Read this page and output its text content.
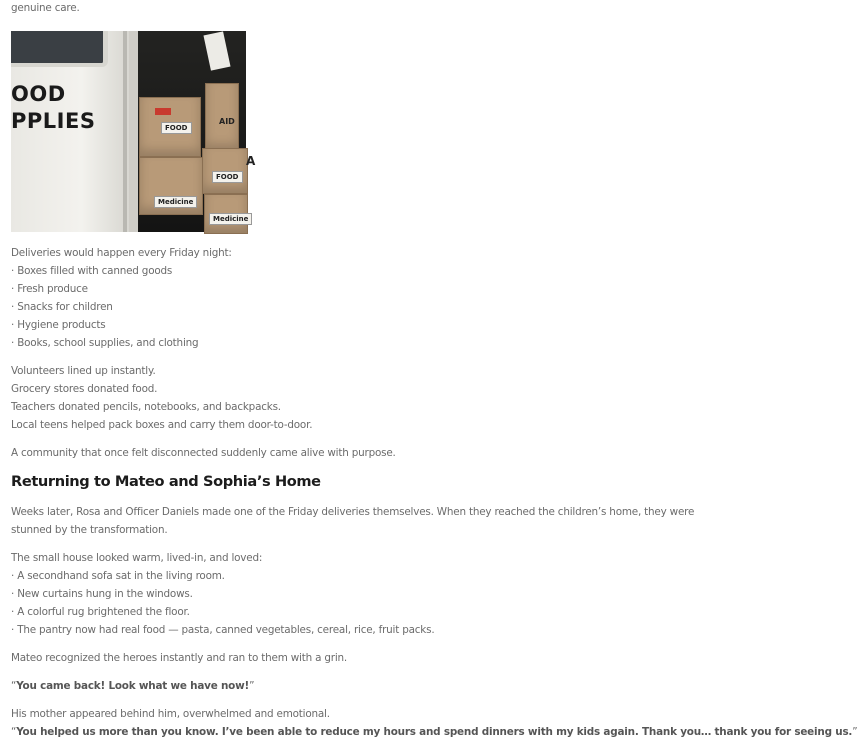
genuine care.
OOD
PPLIES	AID
FOOD
FOOD
A
Medicine
Medicine
Deliveries would happen every Friday night:
· Boxes filled with canned goods
· Fresh produce
· Snacks for children
· Hygiene products
· Books, school supplies, and clothing
Volunteers lined up instantly.
Grocery stores donated food.
Teachers donated pencils, notebooks, and backpacks.
Local teens helped pack boxes and carry them door-to-door.
A community that once felt disconnected suddenly came alive with purpose.
Returning to Mateo and Sophia’s Home
Weeks later, Rosa and Officer Daniels made one of the Friday deliveries themselves. When they reached the children’s home, they were stunned by the transformation.
The small house looked warm, lived-in, and loved:
· A secondhand sofa sat in the living room.
· New curtains hung in the windows.
· A colorful rug brightened the floor.
· The pantry now had real food — pasta, canned vegetables, cereal, rice, fruit packs.
Mateo recognized the heroes instantly and ran to them with a grin.
“You came back! Look what we have now!”
His mother appeared behind him, overwhelmed and emotional.
“You helped us more than you know. I’ve been able to reduce my hours and spend dinners with my kids again. Thank you… thank you for seeing us.”
